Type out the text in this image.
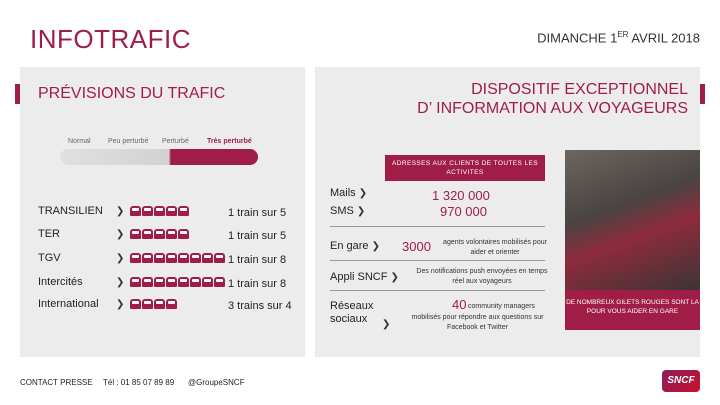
INFOTRAFIC	DIMANCHE 1ER AVRIL 2018
PRÉVISIONS DU TRAFIC	DISPOSITIF EXCEPTIONNEL
D’ INFORMATION AUX VOYAGEURS
Normal Peu perturbé Perturbé	Très perturbé
TRANSILIEN ❯	1 train sur 5
TER	❯	1 train sur 5
TGV	❯	1 train sur 8
Intercités	❯	1 train sur 8
International ❯	3 trains sur 4
ADRESSES AUX CLIENTS DE TOUTES LES ACTIVITES
Mails ❯	1 320 000
SMS ❯	970 000
En gare ❯ 3000	agents volontaires mobilisés pour aider et orienter
Appli SNCF ❯
Des notifications push envoyées en temps réel aux voyageurs
Réseaux sociaux	❯
40 community managers
mobilisés pour répondre aux questions sur Facebook et Twitter
DE NOMBREUX GILETS ROUGES SONT LA POUR VOUS AIDER EN GARE
CONTACT PRESSE Tél : 01 85 07 89 89 @GroupeSNCF	SNCF
